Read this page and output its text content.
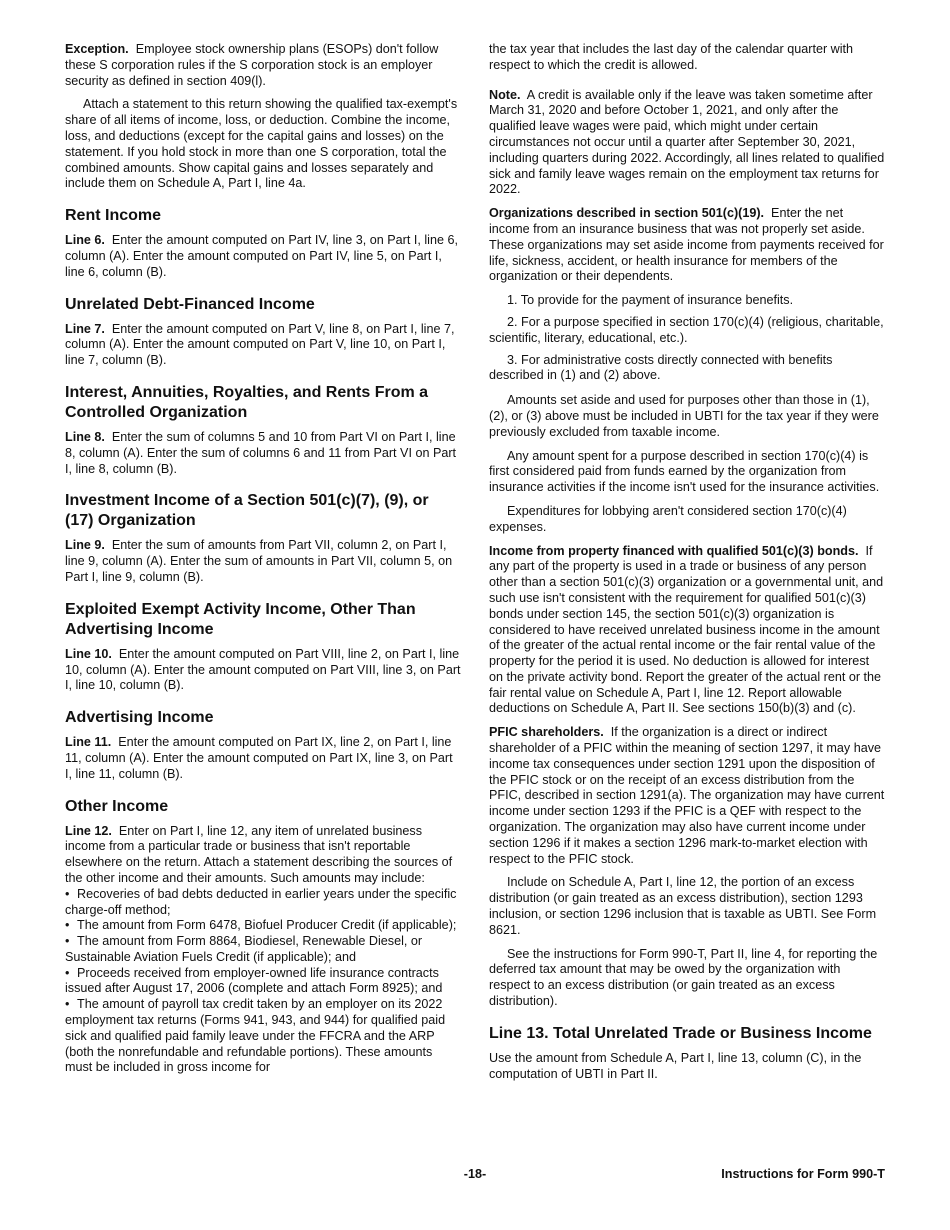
Exception. Employee stock ownership plans (ESOPs) don't follow these S corporation rules if the S corporation stock is an employer security as defined in section 409(l).

Attach a statement to this return showing the qualified tax-exempt's share of all items of income, loss, or deduction. Combine the income, loss, and deductions (except for the capital gains and losses) on the statement. If you hold stock in more than one S corporation, total the combined amounts. Show capital gains and losses separately and include them on Schedule A, Part I, line 4a.

Rent Income

Line 6. Enter the amount computed on Part IV, line 3, on Part I, line 6, column (A). Enter the amount computed on Part IV, line 5, on Part I, line 6, column (B).

Unrelated Debt-Financed Income

Line 7. Enter the amount computed on Part V, line 8, on Part I, line 7, column (A). Enter the amount computed on Part V, line 10, on Part I, line 7, column (B).

Interest, Annuities, Royalties, and Rents From a Controlled Organization

Line 8. Enter the sum of columns 5 and 10 from Part VI on Part I, line 8, column (A). Enter the sum of columns 6 and 11 from Part VI on Part I, line 8, column (B).

Investment Income of a Section 501(c)(7), (9), or (17) Organization

Line 9. Enter the sum of amounts from Part VII, column 2, on Part I, line 9, column (A). Enter the sum of amounts in Part VII, column 5, on Part I, line 9, column (B).

Exploited Exempt Activity Income, Other Than Advertising Income

Line 10. Enter the amount computed on Part VIII, line 2, on Part I, line 10, column (A). Enter the amount computed on Part VIII, line 3, on Part I, line 10, column (B).

Advertising Income

Line 11. Enter the amount computed on Part IX, line 2, on Part I, line 11, column (A). Enter the amount computed on Part IX, line 3, on Part I, line 11, column (B).

Other Income

Line 12. Enter on Part I, line 12, any item of unrelated business income from a particular trade or business that isn't reportable elsewhere on the return. Attach a statement describing the sources of the other income and their amounts. Such amounts may include:

• Recoveries of bad debts deducted in earlier years under the specific charge-off method;
• The amount from Form 6478, Biofuel Producer Credit (if applicable);
• The amount from Form 8864, Biodiesel, Renewable Diesel, or Sustainable Aviation Fuels Credit (if applicable); and
• Proceeds received from employer-owned life insurance contracts issued after August 17, 2006 (complete and attach Form 8925); and
• The amount of payroll tax credit taken by an employer on its 2022 employment tax returns (Forms 941, 943, and 944) for qualified paid sick and qualified paid family leave under the FFCRA and the ARP (both the nonrefundable and refundable portions). These amounts must be included in gross income for

the tax year that includes the last day of the calendar quarter with respect to which the credit is allowed.

Note. A credit is available only if the leave was taken sometime after March 31, 2020 and before October 1, 2021, and only after the qualified leave wages were paid, which might under certain circumstances not occur until a quarter after September 30, 2021, including quarters during 2022. Accordingly, all lines related to qualified sick and family leave wages remain on the employment tax returns for 2022.

Organizations described in section 501(c)(19). Enter the net income from an insurance business that was not properly set aside. These organizations may set aside income from payments received for life, sickness, accident, or health insurance for members of the organization or their dependents.

1. To provide for the payment of insurance benefits.

2. For a purpose specified in section 170(c)(4) (religious, charitable, scientific, literary, educational, etc.).

3. For administrative costs directly connected with benefits described in (1) and (2) above.

Amounts set aside and used for purposes other than those in (1), (2), or (3) above must be included in UBTI for the tax year if they were previously excluded from taxable income.

Any amount spent for a purpose described in section 170(c)(4) is first considered paid from funds earned by the organization from insurance activities if the income isn't used for the insurance activities.

Expenditures for lobbying aren't considered section 170(c)(4) expenses.

Income from property financed with qualified 501(c)(3) bonds. If any part of the property is used in a trade or business of any person other than a section 501(c)(3) organization or a governmental unit, and such use isn't consistent with the requirement for qualified 501(c)(3) bonds under section 145, the section 501(c)(3) organization is considered to have received unrelated business income in the amount of the greater of the actual rental income or the fair rental value of the property for the period it is used. No deduction is allowed for interest on the private activity bond. Report the greater of the actual rent or the fair rental value on Schedule A, Part I, line 12. Report allowable deductions on Schedule A, Part II. See sections 150(b)(3) and (c).

PFIC shareholders. If the organization is a direct or indirect shareholder of a PFIC within the meaning of section 1297, it may have income tax consequences under section 1291 upon the disposition of the PFIC stock or on the receipt of an excess distribution from the PFIC, described in section 1291(a). The organization may have current income under section 1293 if the PFIC is a QEF with respect to the organization. The organization may also have current income under section 1296 if it makes a section 1296 mark-to-market election with respect to the PFIC stock.

Include on Schedule A, Part I, line 12, the portion of an excess distribution (or gain treated as an excess distribution), section 1293 inclusion, or section 1296 inclusion that is taxable as UBTI. See Form 8621.

See the instructions for Form 990-T, Part II, line 4, for reporting the deferred tax amount that may be owed by the organization with respect to an excess distribution (or gain treated as an excess distribution).

Line 13. Total Unrelated Trade or Business Income

Use the amount from Schedule A, Part I, line 13, column (C), in the computation of UBTI in Part II.

-18-	Instructions for Form 990-T
